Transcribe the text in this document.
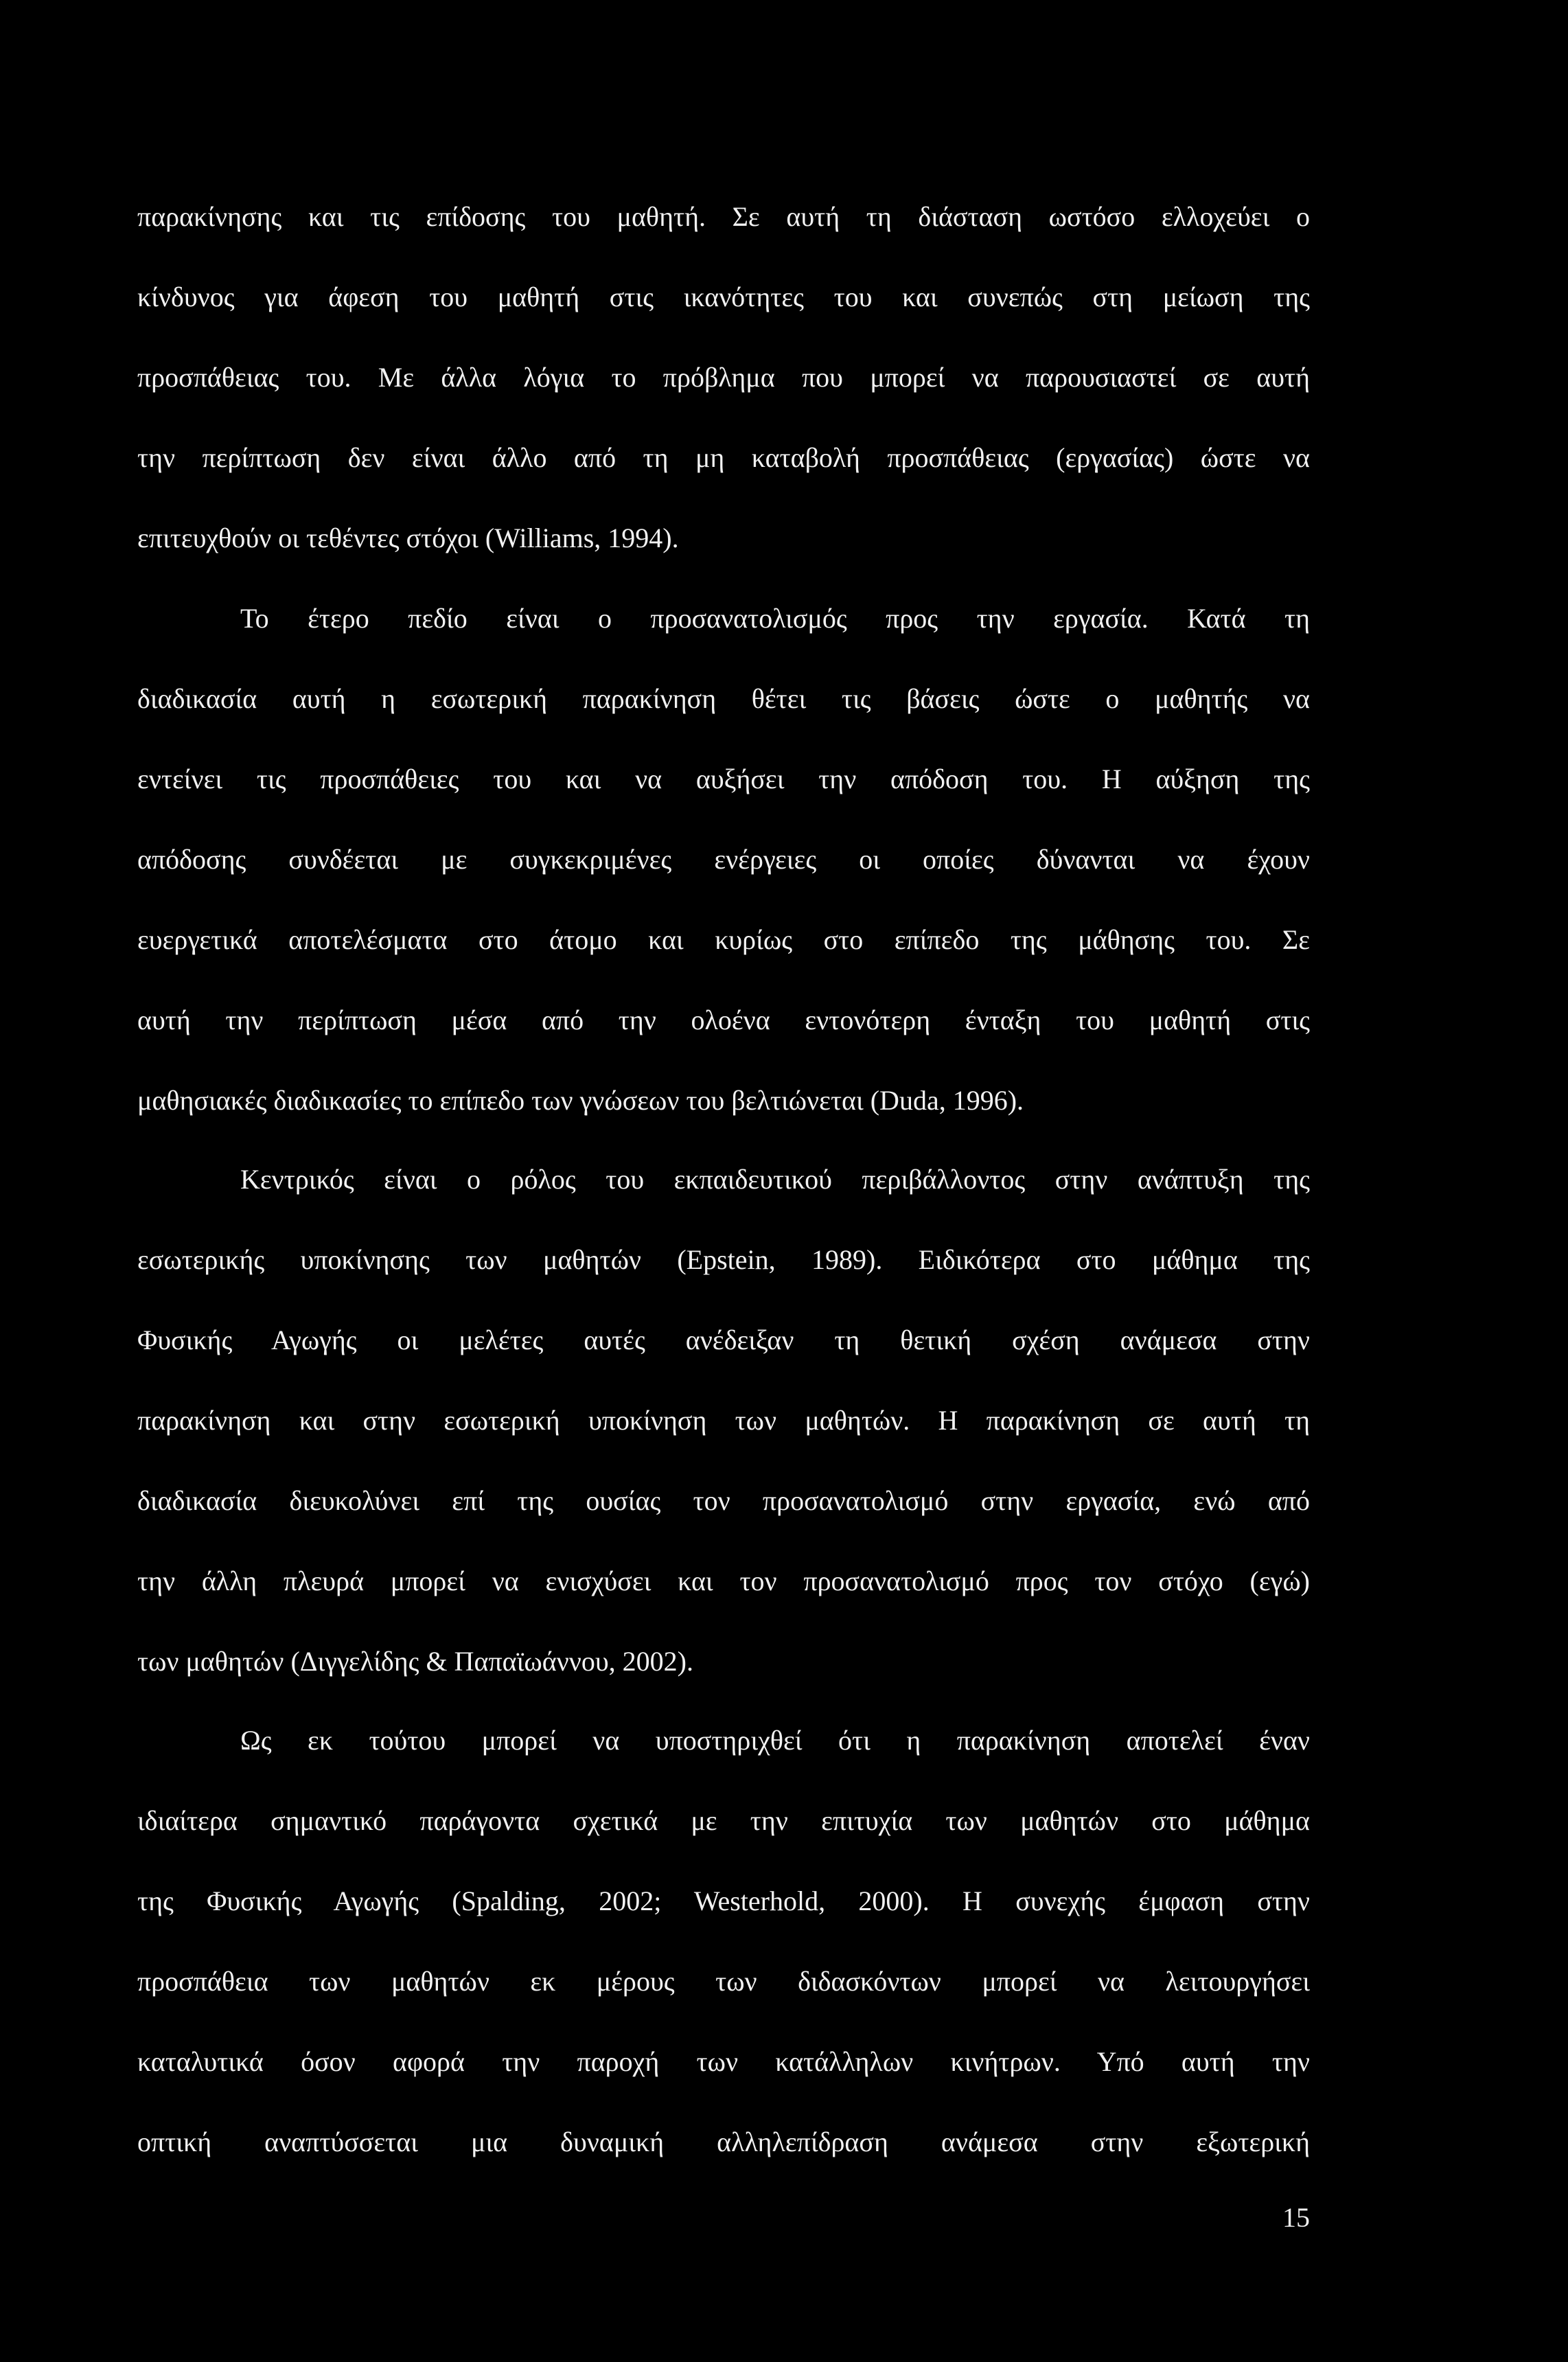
παρακίνησης και τις επίδοσης του μαθητή. Σε αυτή τη διάσταση ωστόσο ελλοχεύει ο
κίνδυνος για άφεση του μαθητή στις ικανότητες του και συνεπώς στη μείωση της
προσπάθειας του. Με άλλα λόγια το πρόβλημα που μπορεί να παρουσιαστεί σε αυτή
την περίπτωση δεν είναι άλλο από τη μη καταβολή προσπάθειας (εργασίας) ώστε να
επιτευχθούν οι τεθέντες στόχοι (Williams, 1994).
Το έτερο πεδίο είναι ο προσανατολισμός προς την εργασία. Κατά τη
διαδικασία αυτή η εσωτερική παρακίνηση θέτει τις βάσεις ώστε ο μαθητής να
εντείνει τις προσπάθειες του και να αυξήσει την απόδοση του. Η αύξηση της
απόδοσης συνδέεται με συγκεκριμένες ενέργειες οι οποίες δύνανται να έχουν
ευεργετικά αποτελέσματα στο άτομο και κυρίως στο επίπεδο της μάθησης του. Σε
αυτή την περίπτωση μέσα από την ολοένα εντονότερη ένταξη του μαθητή στις
μαθησιακές διαδικασίες το επίπεδο των γνώσεων του βελτιώνεται (Duda, 1996).
Κεντρικός είναι ο ρόλος του εκπαιδευτικού περιβάλλοντος στην ανάπτυξη της
εσωτερικής υποκίνησης των μαθητών (Epstein, 1989). Ειδικότερα στο μάθημα της
Φυσικής Αγωγής οι μελέτες αυτές ανέδειξαν τη θετική σχέση ανάμεσα στην
παρακίνηση και στην εσωτερική υποκίνηση των μαθητών. Η παρακίνηση σε αυτή τη
διαδικασία διευκολύνει επί της ουσίας τον προσανατολισμό στην εργασία, ενώ από
την άλλη πλευρά μπορεί να ενισχύσει και τον προσανατολισμό προς τον στόχο (εγώ)
των μαθητών (Διγγελίδης & Παπαϊωάννου, 2002).
Ως εκ τούτου μπορεί να υποστηριχθεί ότι η παρακίνηση αποτελεί έναν
ιδιαίτερα σημαντικό παράγοντα σχετικά με την επιτυχία των μαθητών στο μάθημα
της Φυσικής Αγωγής (Spalding, 2002; Westerhold, 2000). Η συνεχής έμφαση στην
προσπάθεια των μαθητών εκ μέρους των διδασκόντων μπορεί να λειτουργήσει
καταλυτικά όσον αφορά την παροχή των κατάλληλων κινήτρων. Υπό αυτή την
οπτική αναπτύσσεται μια δυναμική αλληλεπίδραση ανάμεσα στην εξωτερική
15
